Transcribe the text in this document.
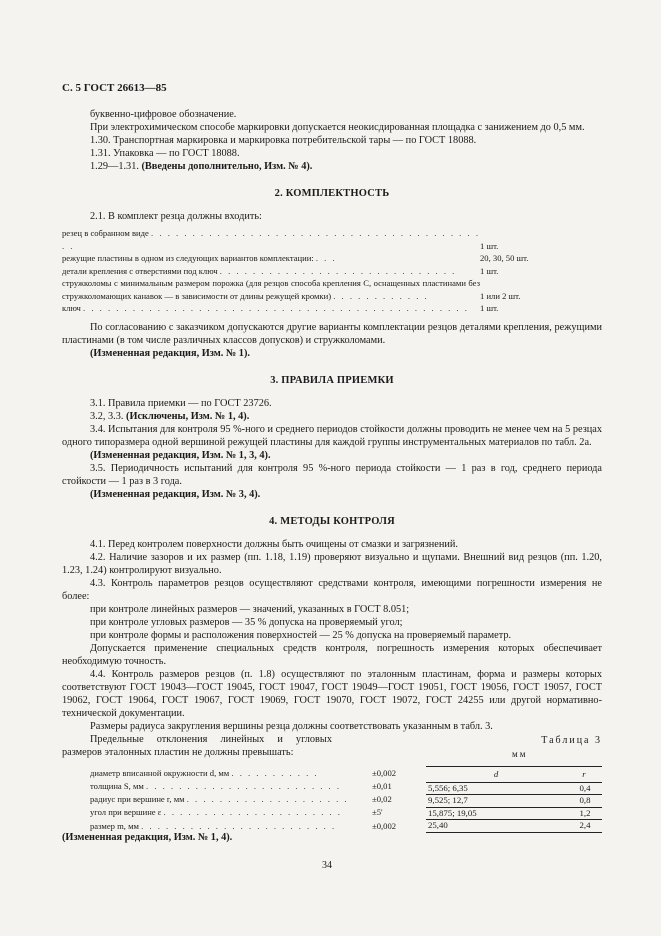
С. 5 ГОСТ 26613—85

буквенно-цифровое обозначение.

При электрохимическом способе маркировки допускается неокисдированная площадка с занижением до 0,5 мм.

1.30. Транспортная маркировка и маркировка потребительской тары — по ГОСТ 18088.

1.31. Упаковка — по ГОСТ 18088.

1.29—1.31. (Введены дополнительно, Изм. № 4).

2. КОМПЛЕКТНОСТЬ

2.1. В комплект резца должны входить:

резец в собранном виде . . . . . . . . . . . . . . . . . . . . . . . . . . . . . . . . . . . . . . . . . .	1 шт.
режущие пластины в одном из следующих вариантов комплектации: . . .	20, 30, 50 шт.
детали крепления с отверстиями под ключ . . . . . . . . . . . . . . . . . . . . . . . . . . . . .	1 шт.
стружколомы с минимальным размером порожка (для резцов способа крепления С, оснащенных пластинами без стружколомающих канавок — в зависимости от длины режущей кромки) . . . . . . . . . . . .	1 или 2 шт.
ключ . . . . . . . . . . . . . . . . . . . . . . . . . . . . . . . . . . . . . . . . . . . . . . .	1 шт.

По согласованию с заказчиком допускаются другие варианты комплектации резцов деталями крепления, режущими пластинами (в том числе различных классов допусков) и стружколомами.

(Измененная редакция, Изм. № 1).

3. ПРАВИЛА ПРИЕМКИ

3.1. Правила приемки — по ГОСТ 23726.

3.2, 3.3. (Исключены, Изм. № 1, 4).

3.4. Испытания для контроля 95 %-ного и среднего периодов стойкости должны проводить не менее чем на 5 резцах одного типоразмера одной вершиной режущей пластины для каждой группы инструментальных материалов по табл. 2а.

(Измененная редакция, Изм. № 1, 3, 4).

3.5. Периодичность испытаний для контроля 95 %-ного периода стойкости — 1 раз в год, среднего периода стойкости — 1 раз в 3 года.

(Измененная редакция, Изм. № 3, 4).

4. МЕТОДЫ КОНТРОЛЯ

4.1. Перед контролем поверхности должны быть очищены от смазки и загрязнений.

4.2. Наличие зазоров и их размер (пп. 1.18, 1.19) проверяют визуально и щупами. Внешний вид резцов (пп. 1.20, 1.23, 1.24) контролируют визуально.

4.3. Контроль параметров резцов осуществляют средствами контроля, имеющими погрешности измерения не более:

при контроле линейных размеров — значений, указанных в ГОСТ 8.051;

при контроле угловых размеров — 35 % допуска на проверяемый угол;

при контроле формы и расположения поверхностей — 25 % допуска на проверяемый параметр.

Допускается применение специальных средств контроля, погрешность измерения которых обеспечивает необходимую точность.

4.4. Контроль размеров резцов (п. 1.8) осуществляют по эталонным пластинам, форма и размеры которых соответствуют ГОСТ 19043—ГОСТ 19045, ГОСТ 19047, ГОСТ 19049—ГОСТ 19051, ГОСТ 19056, ГОСТ 19057, ГОСТ 19062, ГОСТ 19064, ГОСТ 19067, ГОСТ 19069, ГОСТ 19070, ГОСТ 19072, ГОСТ 24255 или другой нормативно-технической документации.

Размеры радиуса закругления вершины резца должны соответствовать указанным в табл. 3.

Предельные отклонения линейных и угловых размеров эталонных пластин не должны превышать:

Таблица 3
мм
диаметр вписанной окружности d, мм . . . . . . . . . . .	±0,002
толщина S, мм . . . . . . . . . . . . . . . . . . . . . . . .	±0,01
радиус при вершине r, мм . . . . . . . . . . . . . . . . . . . .	±0,02
угол при вершине ε . . . . . . . . . . . . . . . . . . . . . .	±5'
размер m, мм . . . . . . . . . . . . . . . . . . . . . . . .	±0,002
d	r
5,556; 6,35	0,4
9,525; 12,7	0,8
15,875; 19,05	1,2
25,40	2,4

(Измененная редакция, Изм. № 1, 4).

34
